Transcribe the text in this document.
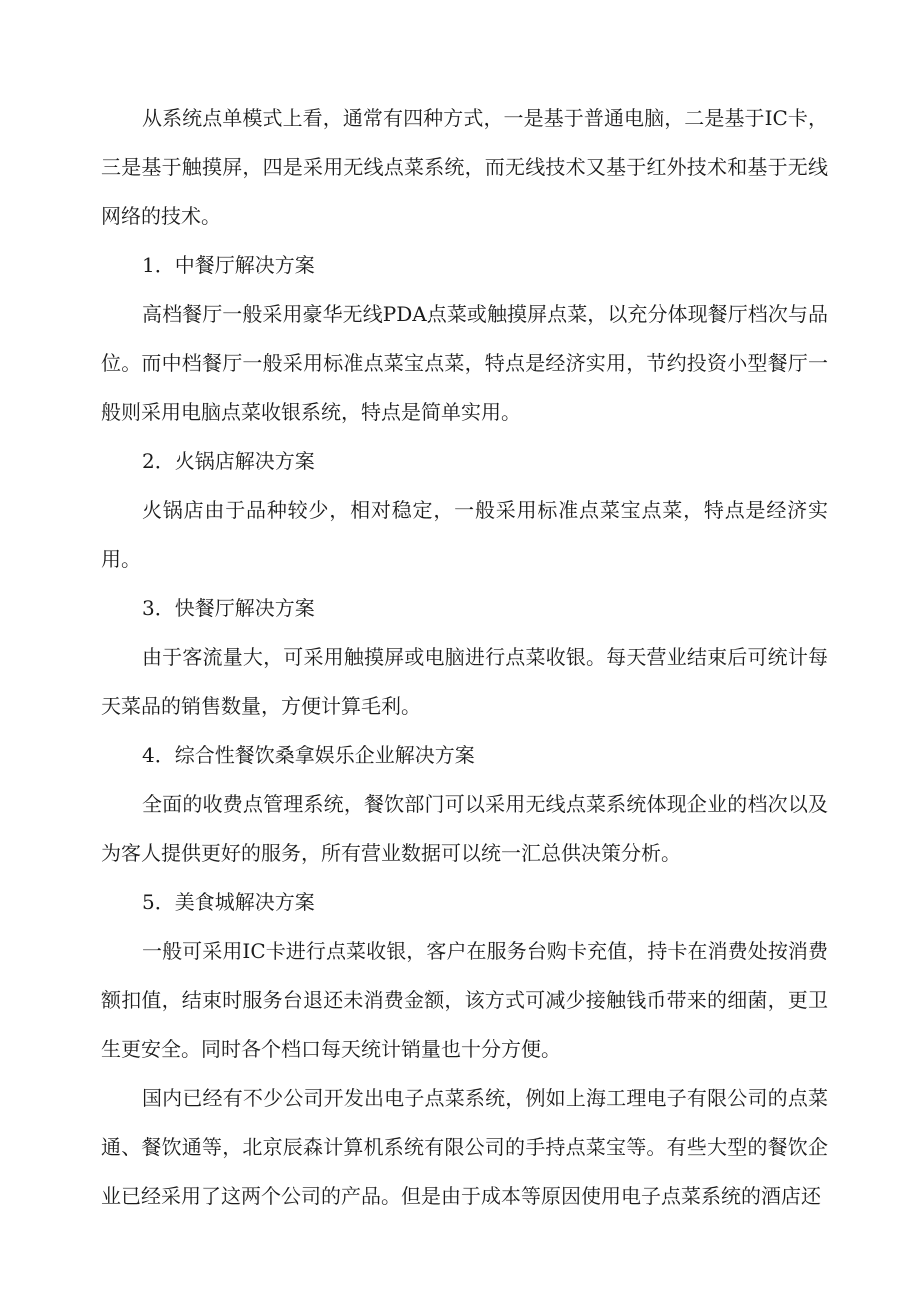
从系统点单模式上看，通常有四种方式，一是基于普通电脑，二是基于IC卡，三是基于触摸屏，四是采用无线点菜系统，而无线技术又基于红外技术和基于无线网络的技术。

1．中餐厅解决方案

高档餐厅一般采用豪华无线PDA点菜或触摸屏点菜，以充分体现餐厅档次与品位。而中档餐厅一般采用标准点菜宝点菜，特点是经济实用，节约投资小型餐厅一般则采用电脑点菜收银系统，特点是简单实用。

2．火锅店解决方案

火锅店由于品种较少，相对稳定，一般采用标准点菜宝点菜，特点是经济实用。

3．快餐厅解决方案

由于客流量大，可采用触摸屏或电脑进行点菜收银。每天营业结束后可统计每天菜品的销售数量，方便计算毛利。

4．综合性餐饮桑拿娱乐企业解决方案

全面的收费点管理系统，餐饮部门可以采用无线点菜系统体现企业的档次以及为客人提供更好的服务，所有营业数据可以统一汇总供决策分析。

5．美食城解决方案

一般可采用IC卡进行点菜收银，客户在服务台购卡充值，持卡在消费处按消费额扣值，结束时服务台退还未消费金额，该方式可减少接触钱币带来的细菌，更卫生更安全。同时各个档口每天统计销量也十分方便。

国内已经有不少公司开发出电子点菜系统，例如上海工理电子有限公司的点菜通、餐饮通等，北京辰森计算机系统有限公司的手持点菜宝等。有些大型的餐饮企业已经采用了这两个公司的产品。但是由于成本等原因使用电子点菜系统的酒店还
